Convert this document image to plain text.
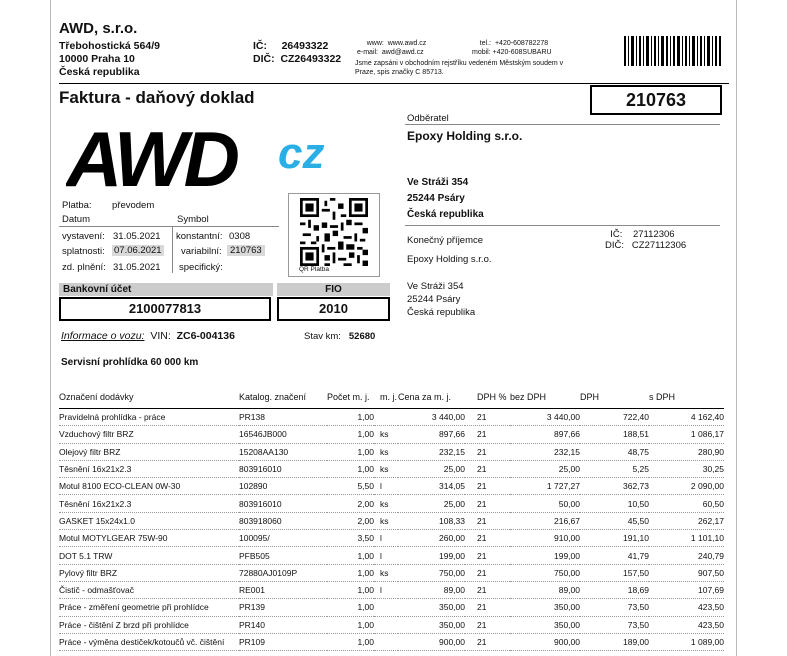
AWD, s.r.o.
Třebohostická 564/9
10000 Praha 10
Česká republika
IČ: 26493322
DIČ: CZ26493322
www: www.awd.cz
e-mail: awd@awd.cz
tel.: +420-608782278
mobil: +420-608SUBARU
Jsme zapsáni v obchodním rejstříku vedeném Městským soudem v
Praze, spis značky C 85713.
Faktura - daňový doklad	210763
AWD cz
Odběratel
Epoxy Holding s.r.o.
Ve Stráži 354
25244 Psáry
Česká republika
Konečný příjemce
IČ: 27112306
DIČ: CZ27112306
Epoxy Holding s.r.o.
Ve Stráži 354
25244 Psáry
Česká republika
Platba: převodem
Datum	Symbol
vystavení: 31.05.2021
splatnosti: 07.06.2021
zd. plnění: 31.05.2021
konstantní: 0308
variabilní: 210763
specifický:	QR Platba
Bankovní účet
2100077813
FIO
2010
Informace o vozu: VIN: ZC6-004136	Stav km: 52680
Servisní prohlídka 60 000 km
Označení dodávky	Katalog. značení	Počet m. j.	m. j.	Cena za m. j.	DPH %	bez DPH	DPH	s DPH
Pravidelná prohlídka - práce	PR138	1,00		3 440,00	21	3 440,00	722,40	4 162,40
Vzduchový filtr BRZ	16546JB000	1,00	ks	897,66	21	897,66	188,51	1 086,17
Olejový filtr BRZ	15208AA130	1,00	ks	232,15	21	232,15	48,75	280,90
Těsnění 16x21x2.3	803916010	1,00	ks	25,00	21	25,00	5,25	30,25
Motul 8100 ECO-CLEAN 0W-30	102890	5,50	l	314,05	21	1 727,27	362,73	2 090,00
Těsnění 16x21x2.3	803916010	2,00	ks	25,00	21	50,00	10,50	60,50
GASKET 15x24x1.0	803918060	2,00	ks	108,33	21	216,67	45,50	262,17
Motul MOTYLGEAR 75W-90	100095/	3,50	l	260,00	21	910,00	191,10	1 101,10
DOT 5.1 TRW	PFB505	1,00	l	199,00	21	199,00	41,79	240,79
Pylový filtr BRZ	72880AJ0109P	1,00	ks	750,00	21	750,00	157,50	907,50
Čistič - odmašťovač	RE001	1,00	l	89,00	21	89,00	18,69	107,69
Práce - změření geometrie při prohlídce	PR139	1,00		350,00	21	350,00	73,50	423,50
Práce - čištění Z brzd při prohlídce	PR140	1,00		350,00	21	350,00	73,50	423,50
Práce - výměna destiček/kotoučů vč. čištění	PR109	1,00		900,00	21	900,00	189,00	1 089,00
